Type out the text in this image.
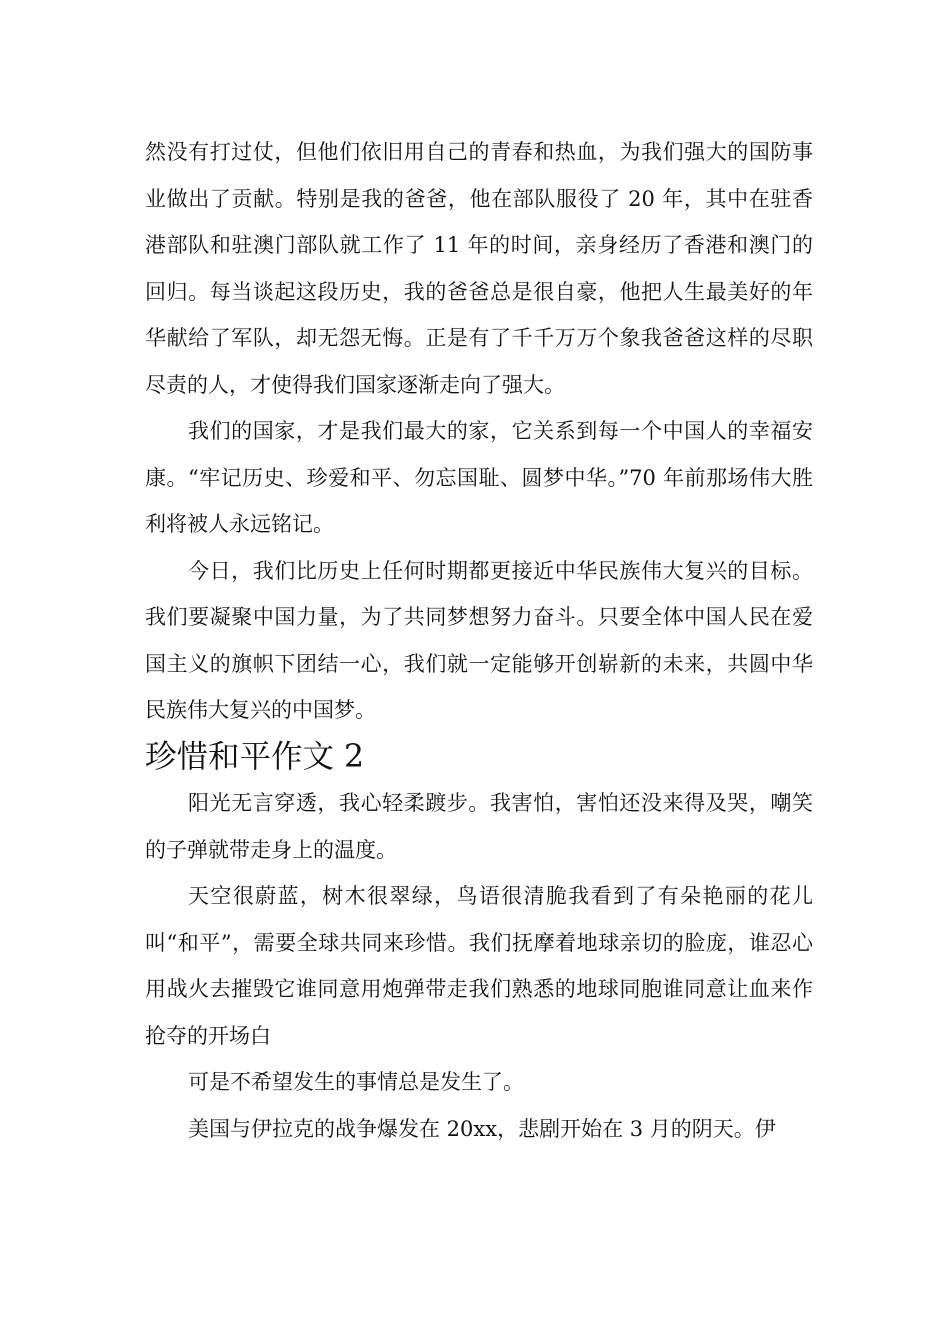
然没有打过仗，但他们依旧用自己的青春和热血，为我们强大的国防事业做出了贡献。特别是我的爸爸，他在部队服役了 20 年，其中在驻香港部队和驻澳门部队就工作了 11 年的时间，亲身经历了香港和澳门的回归。每当谈起这段历史，我的爸爸总是很自豪，他把人生最美好的年华献给了军队，却无怨无悔。正是有了千千万万个象我爸爸这样的尽职尽责的人，才使得我们国家逐渐走向了强大。

我们的国家，才是我们最大的家，它关系到每一个中国人的幸福安康。“牢记历史、珍爱和平、勿忘国耻、圆梦中华。”70 年前那场伟大胜利将被人永远铭记。

今日，我们比历史上任何时期都更接近中华民族伟大复兴的目标。我们要凝聚中国力量，为了共同梦想努力奋斗。只要全体中国人民在爱国主义的旗帜下团结一心，我们就一定能够开创崭新的未来，共圆中华民族伟大复兴的中国梦。

珍惜和平作文 2

阳光无言穿透，我心轻柔踱步。我害怕，害怕还没来得及哭，嘲笑的子弹就带走身上的温度。

天空很蔚蓝，树木很翠绿，鸟语很清脆我看到了有朵艳丽的花儿叫“和平”，需要全球共同来珍惜。我们抚摩着地球亲切的脸庞，谁忍心用战火去摧毁它谁同意用炮弹带走我们熟悉的地球同胞谁同意让血来作抢夺的开场白

可是不希望发生的事情总是发生了。

美国与伊拉克的战争爆发在 20xx，悲剧开始在 3 月的阴天。伊
